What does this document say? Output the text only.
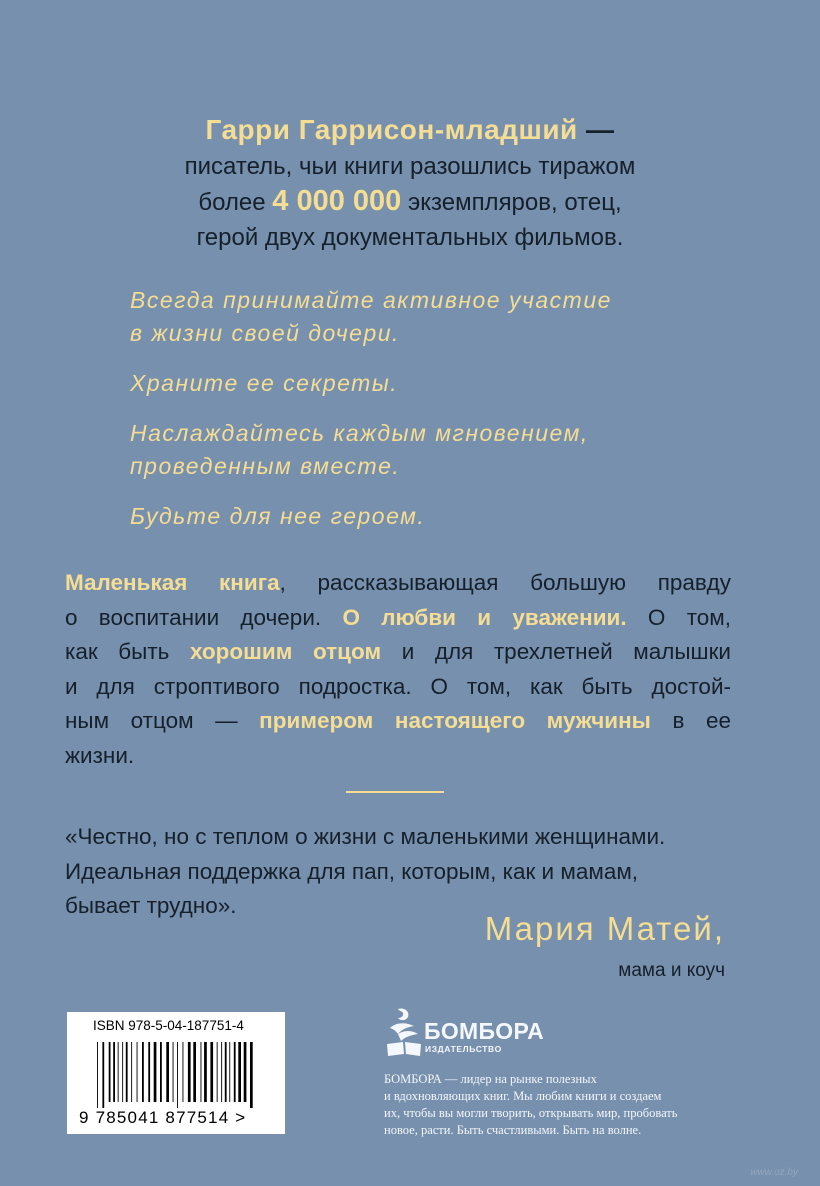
Гарри Гаррисон-младший —
писатель, чьи книги разошлись тиражом
более 4 000 000 экземпляров, отец,
герой двух документальных фильмов.

Всегда принимайте активное участие
в жизни своей дочери.

Храните ее секреты.

Наслаждайтесь каждым мгновением,
проведенным вместе.

Будьте для нее героем.

Маленькая книга, рассказывающая большую правду
о воспитании дочери. О любви и уважении. О том,
как быть хорошим отцом и для трехлетней малышки
и для строптивого подростка. О том, как быть достой-
ным отцом — примером настоящего мужчины в ее
жизни.
«Честно, но с теплом о жизни с маленькими женщинами.
Идеальная поддержка для пап, которым, как и мамам,
бывает трудно».
Мария Матей,
мама и коуч
ISBN 978-5-04-187751-4
9 785041 877514 >
БОМБОРА
ИЗДАТЕЛЬСТВО
БОМБОРА — лидер на рынке полезных
и вдохновляющих книг. Мы любим книги и создаем
их, чтобы вы могли творить, открывать мир, пробовать
новое, расти. Быть счастливыми. Быть на волне.
www.oz.by
